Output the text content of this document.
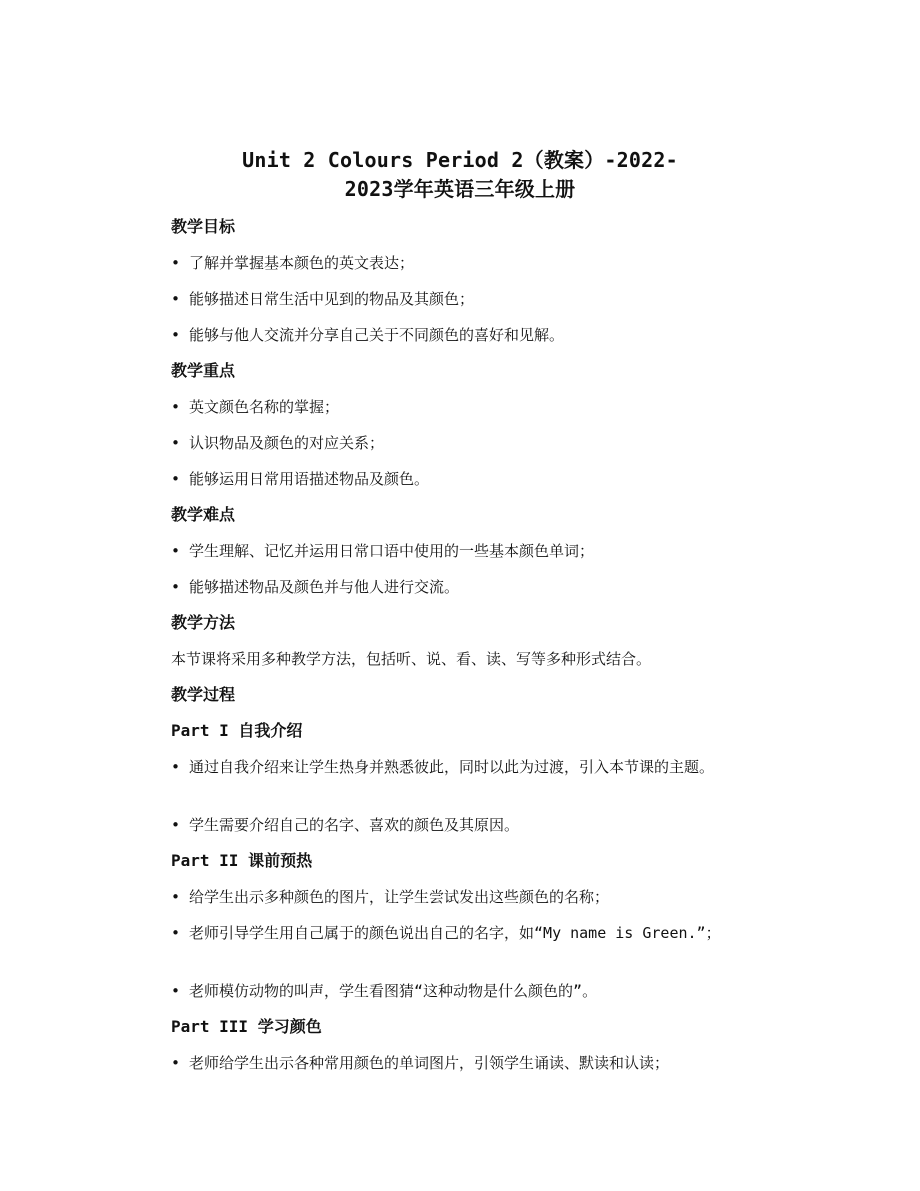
Unit 2 Colours Period 2（教案）-2022-
2023学年英语三年级上册
教学目标
• 了解并掌握基本颜色的英文表达；
• 能够描述日常生活中见到的物品及其颜色；
• 能够与他人交流并分享自己关于不同颜色的喜好和见解。
教学重点
• 英文颜色名称的掌握；
• 认识物品及颜色的对应关系；
• 能够运用日常用语描述物品及颜色。
教学难点
• 学生理解、记忆并运用日常口语中使用的一些基本颜色单词；
• 能够描述物品及颜色并与他人进行交流。
教学方法
本节课将采用多种教学方法，包括听、说、看、读、写等多种形式结合。
教学过程
Part I 自我介绍
• 通过自我介绍来让学生热身并熟悉彼此，同时以此为过渡，引入本节课的主题。
• 学生需要介绍自己的名字、喜欢的颜色及其原因。
Part II 课前预热
• 给学生出示多种颜色的图片，让学生尝试发出这些颜色的名称；
• 老师引导学生用自己属于的颜色说出自己的名字，如“My name is Green.”；
• 老师模仿动物的叫声，学生看图猜“这种动物是什么颜色的”。
Part III 学习颜色
• 老师给学生出示各种常用颜色的单词图片，引领学生诵读、默读和认读；
